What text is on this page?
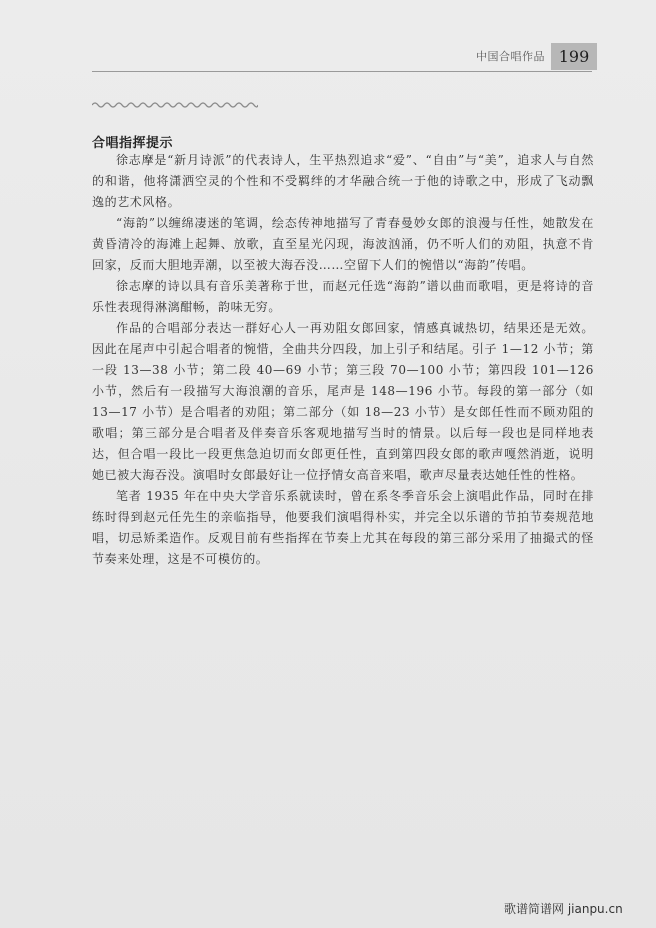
中国合唱作品 199
合唱指挥提示

徐志摩是“新月诗派”的代表诗人，生平热烈追求“爱”、“自由”与“美”，追求人与自然的和谐，他将潇洒空灵的个性和不受羁绊的才华融合统一于他的诗歌之中，形成了飞动飘逸的艺术风格。

“海韵”以缠绵凄迷的笔调，绘态传神地描写了青春曼妙女郎的浪漫与任性，她散发在黄昏清冷的海滩上起舞、放歌，直至星光闪现，海波汹涌，仍不听人们的劝阻，执意不肯回家，反而大胆地弄潮，以至被大海吞没……空留下人们的惋惜以“海韵”传唱。

徐志摩的诗以具有音乐美著称于世，而赵元任选“海韵”谱以曲而歌唱，更是将诗的音乐性表现得淋漓酣畅，韵味无穷。

作品的合唱部分表达一群好心人一再劝阻女郎回家，情感真诚热切，结果还是无效。因此在尾声中引起合唱者的惋惜，全曲共分四段，加上引子和结尾。引子 1—12 小节；第一段 13—38 小节；第二段 40—69 小节；第三段 70—100 小节；第四段 101—126 小节，然后有一段描写大海浪潮的音乐，尾声是 148—196 小节。每段的第一部分（如 13—17 小节）是合唱者的劝阻；第二部分（如 18—23 小节）是女郎任性而不顾劝阻的歌唱；第三部分是合唱者及伴奏音乐客观地描写当时的情景。以后每一段也是同样地表达，但合唱一段比一段更焦急迫切而女郎更任性，直到第四段女郎的歌声嘎然消逝，说明她已被大海吞没。演唱时女郎最好让一位抒情女高音来唱，歌声尽量表达她任性的性格。

笔者 1935 年在中央大学音乐系就读时，曾在系冬季音乐会上演唱此作品，同时在排练时得到赵元任先生的亲临指导，他要我们演唱得朴实，并完全以乐谱的节拍节奏规范地唱，切忌矫柔造作。反观目前有些指挥在节奏上尤其在每段的第三部分采用了抽撮式的怪节奏来处理，这是不可模仿的。

歌谱简谱网 jianpu.cn
